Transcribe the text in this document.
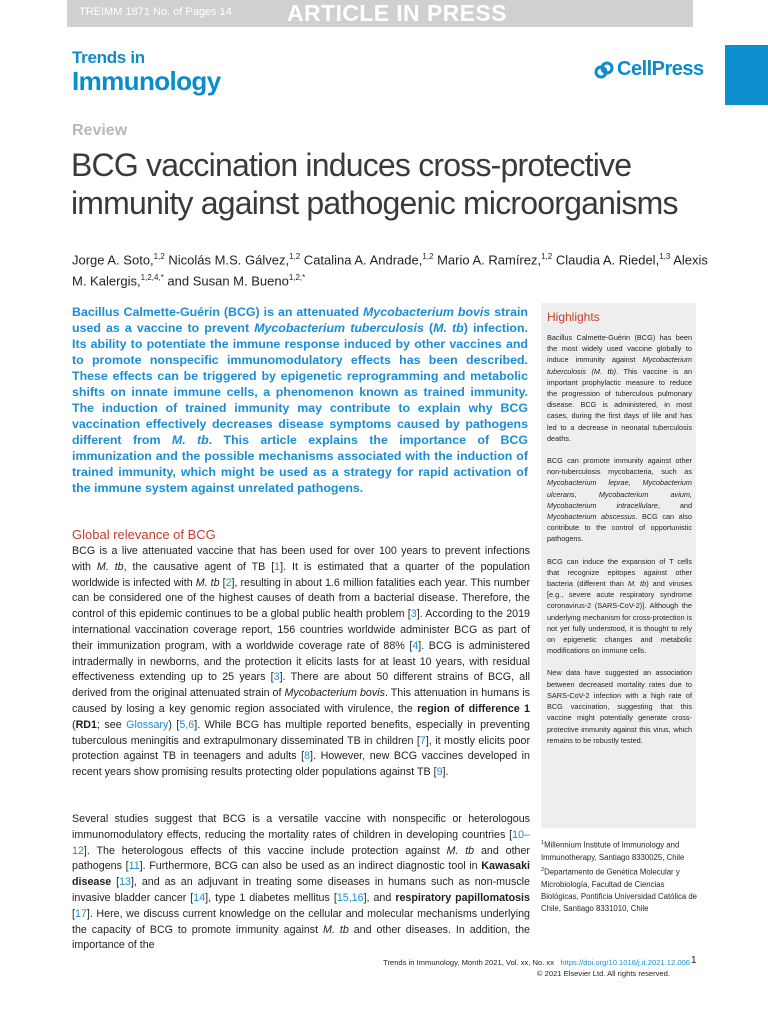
TREIMM 1871 No. of Pages 14 ARTICLE IN PRESS
Trends in
Immunology	CellPress
Review
BCG vaccination induces cross-protective immunity against pathogenic microorganisms
Jorge A. Soto,$^{1,2}$ Nicolás M.S. Gálvez,$^{1,2}$ Catalina A. Andrade,$^{1,2}$ Mario A. Ramírez,$^{1,2}$ Claudia A. Riedel,$^{1,3}$ Alexis M. Kalergis,$^{1,2,4,*}$ and Susan M. Bueno$^{1,2,*}$
Bacillus Calmette-Guérin (BCG) is an attenuated Mycobacterium bovis strain used as a vaccine to prevent Mycobacterium tuberculosis (M. tb) infection. Its ability to potentiate the immune response induced by other vaccines and to promote nonspecific immunomodulatory effects has been described. These effects can be triggered by epigenetic reprogramming and metabolic shifts on innate immune cells, a phenomenon known as trained immunity. The induction of trained immunity may contribute to explain why BCG vaccination effectively decreases disease symptoms caused by pathogens different from M. tb. This article explains the importance of BCG immunization and the possible mechanisms associated with the induction of trained immunity, which might be used as a strategy for rapid activation of the immune system against unrelated pathogens.
Global relevance of BCG

BCG is a live attenuated vaccine that has been used for over 100 years to prevent infections with M. tb, the causative agent of TB [1]. It is estimated that a quarter of the population worldwide is infected with M. tb [2], resulting in about 1.6 million fatalities each year. This number can be considered one of the highest causes of death from a bacterial disease. Therefore, the control of this epidemic continues to be a global public health problem [3]. According to the 2019 international vaccination coverage report, 156 countries worldwide administer BCG as part of their immunization program, with a worldwide coverage rate of 88% [4]. BCG is administered intradermally in newborns, and the protection it elicits lasts for at least 10 years, with residual effectiveness extending up to 25 years [3]. There are about 50 different strains of BCG, all derived from the original attenuated strain of Mycobacterium bovis. This attenuation in humans is caused by losing a key genomic region associated with virulence, the region of difference 1 (RD1; see Glossary) [5,6]. While BCG has multiple reported benefits, especially in preventing tuberculous meningitis and extrapulmonary disseminated TB in children [7], it mostly elicits poor protection against TB in teenagers and adults [8]. However, new BCG vaccines developed in recent years show promising results protecting older populations against TB [9].

Several studies suggest that BCG is a versatile vaccine with nonspecific or heterologous immunomodulatory effects, reducing the mortality rates of children in developing countries [10–12]. The heterologous effects of this vaccine include protection against M. tb and other pathogens [11]. Furthermore, BCG can also be used as an indirect diagnostic tool in Kawasaki disease [13], and as an adjuvant in treating some diseases in humans such as non-muscle invasive bladder cancer [14], type 1 diabetes mellitus [15,16], and respiratory papillomatosis [17]. Here, we discuss current knowledge on the cellular and molecular mechanisms underlying the capacity of BCG to promote immunity against M. tb and other diseases. In addition, the importance of the

Highlights

Bacillus Calmette-Guérin (BCG) has been the most widely used vaccine globally to induce immunity against Mycobacterium tuberculosis (M. tb). This vaccine is an important prophylactic measure to reduce the progression of tuberculous pulmonary disease. BCG is administered, in most cases, during the first days of life and has led to a decrease in neonatal tuberculosis deaths.

BCG can promote immunity against other non-tuberculosis mycobacteria, such as Mycobacterium leprae, Mycobacterium ulcerans, Mycobacterium avium, Mycobacterium intracellulare, and Mycobacterium abscessus. BCG can also contribute to the control of opportunistic pathogens.

BCG can induce the expansion of T cells that recognize epitopes against other bacteria (different than M. tb) and viruses [e.g., severe acute respiratory syndrome coronavirus-2 (SARS-CoV-2)]. Although the underlying mechanism for cross-protection is not yet fully understood, it is thought to rely on epigenetic changes and metabolic modifications on immune cells.

New data have suggested an association between decreased mortality rates due to SARS-CoV-2 infection with a high rate of BCG vaccination, suggesting that this vaccine might potentially generate cross-protective immunity against this virus, which remains to be robustly tested.

$^1$Millennium Institute of Immunology and Immunotherapy, Santiago 8330025, Chile
$^2$Departamento de Genética Molecular y Microbiología, Facultad de Ciencias Biológicas, Pontificia Universidad Católica de Chile, Santiago 8331010, Chile
Trends in Immunology, Month 2021, Vol. xx, No. xx https://doi.org/10.1016/j.it.2021.12.006
© 2021 Elsevier Ltd. All rights reserved.
1
